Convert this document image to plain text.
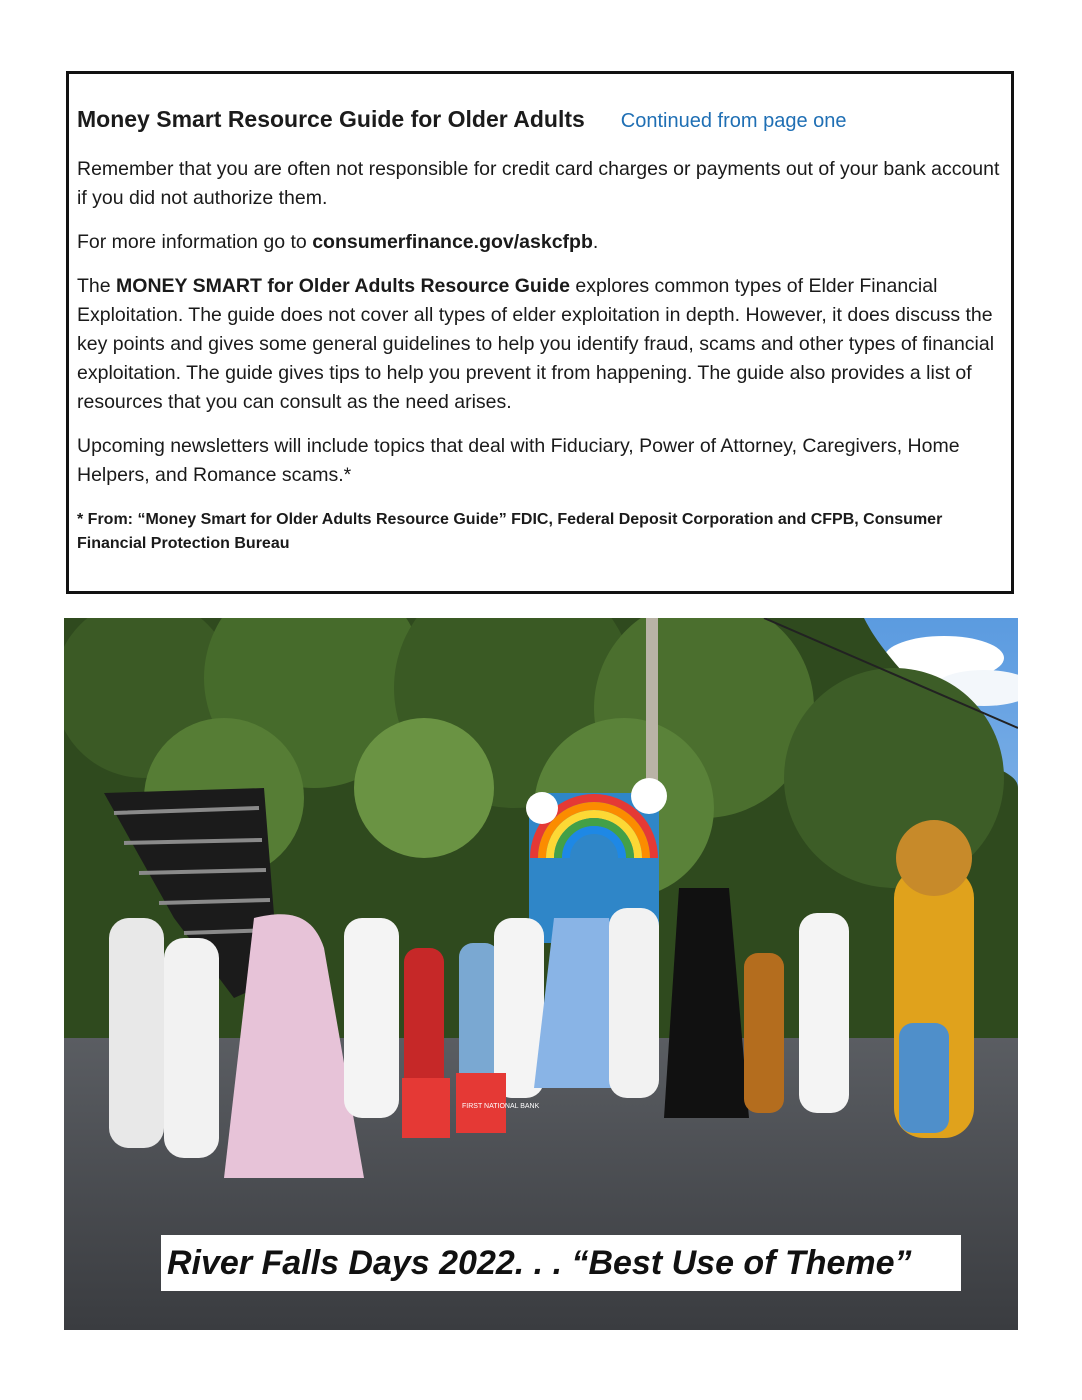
Money Smart Resource Guide for Older Adults Continued from page one

Remember that you are often not responsible for credit card charges or payments out of your bank account if you did not authorize them.

For more information go to consumerfinance.gov/askcfpb.

The MONEY SMART for Older Adults Resource Guide explores common types of Elder Financial Exploitation. The guide does not cover all types of elder exploitation in depth. However, it does discuss the key points and gives some general guidelines to help you identify fraud, scams and other types of financial exploitation. The guide gives tips to help you prevent it from happening. The guide also provides a list of resources that you can consult as the need arises.

Upcoming newsletters will include topics that deal with Fiduciary, Power of Attorney, Caregivers, Home Helpers, and Romance scams.*

* From: “Money Smart for Older Adults Resource Guide” FDIC, Federal Deposit Corporation and CFPB, Consumer Financial Protection Bureau
FIRST NATIONAL BANK
River Falls Days 2022. . . “Best Use of Theme”
